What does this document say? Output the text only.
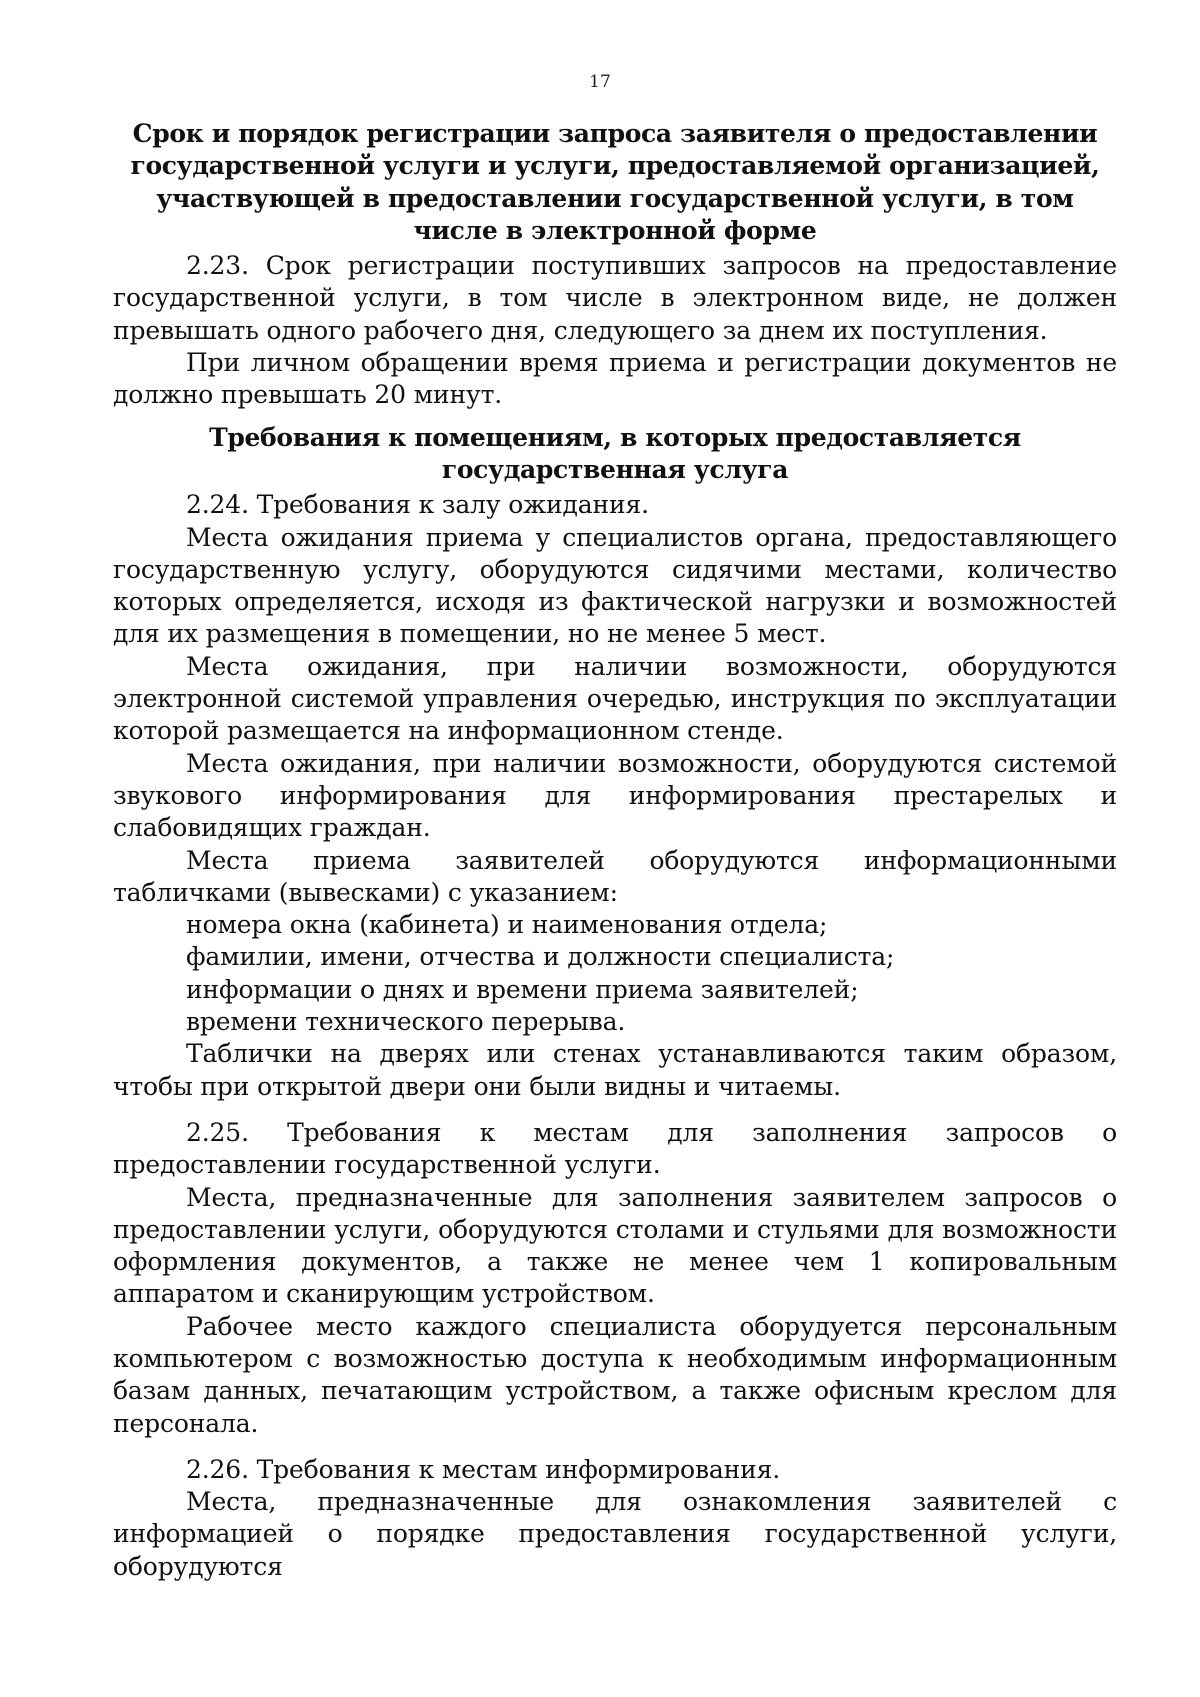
17

Срок и порядок регистрации запроса заявителя о предоставлении государственной услуги и услуги, предоставляемой организацией, участвующей в предоставлении государственной услуги, в том числе в электронной форме

2.23. Срок регистрации поступивших запросов на предоставление государственной услуги, в том числе в электронном виде, не должен превышать одного рабочего дня, следующего за днем их поступления.

При личном обращении время приема и регистрации документов не должно превышать 20 минут.

Требования к помещениям, в которых предоставляется государственная услуга

2.24. Требования к залу ожидания.

Места ожидания приема у специалистов органа, предоставляющего государственную услугу, оборудуются сидячими местами, количество которых определяется, исходя из фактической нагрузки и возможностей для их размещения в помещении, но не менее 5 мест.

Места ожидания, при наличии возможности, оборудуются электронной системой управления очередью, инструкция по эксплуатации которой размещается на информационном стенде.

Места ожидания, при наличии возможности, оборудуются системой звукового информирования для информирования престарелых и слабовидящих граждан.

Места приема заявителей оборудуются информационными табличками (вывесками) с указанием:

номера окна (кабинета) и наименования отдела;

фамилии, имени, отчества и должности специалиста;

информации о днях и времени приема заявителей;

времени технического перерыва.

Таблички на дверях или стенах устанавливаются таким образом, чтобы при открытой двери они были видны и читаемы.

2.25. Требования к местам для заполнения запросов о предоставлении государственной услуги.

Места, предназначенные для заполнения заявителем запросов о предоставлении услуги, оборудуются столами и стульями для возможности оформления документов, а также не менее чем 1 копировальным аппаратом и сканирующим устройством.

Рабочее место каждого специалиста оборудуется персональным компьютером с возможностью доступа к необходимым информационным базам данных, печатающим устройством, а также офисным креслом для персонала.

2.26. Требования к местам информирования.

Места, предназначенные для ознакомления заявителей с информацией о порядке предоставления государственной услуги, оборудуются
